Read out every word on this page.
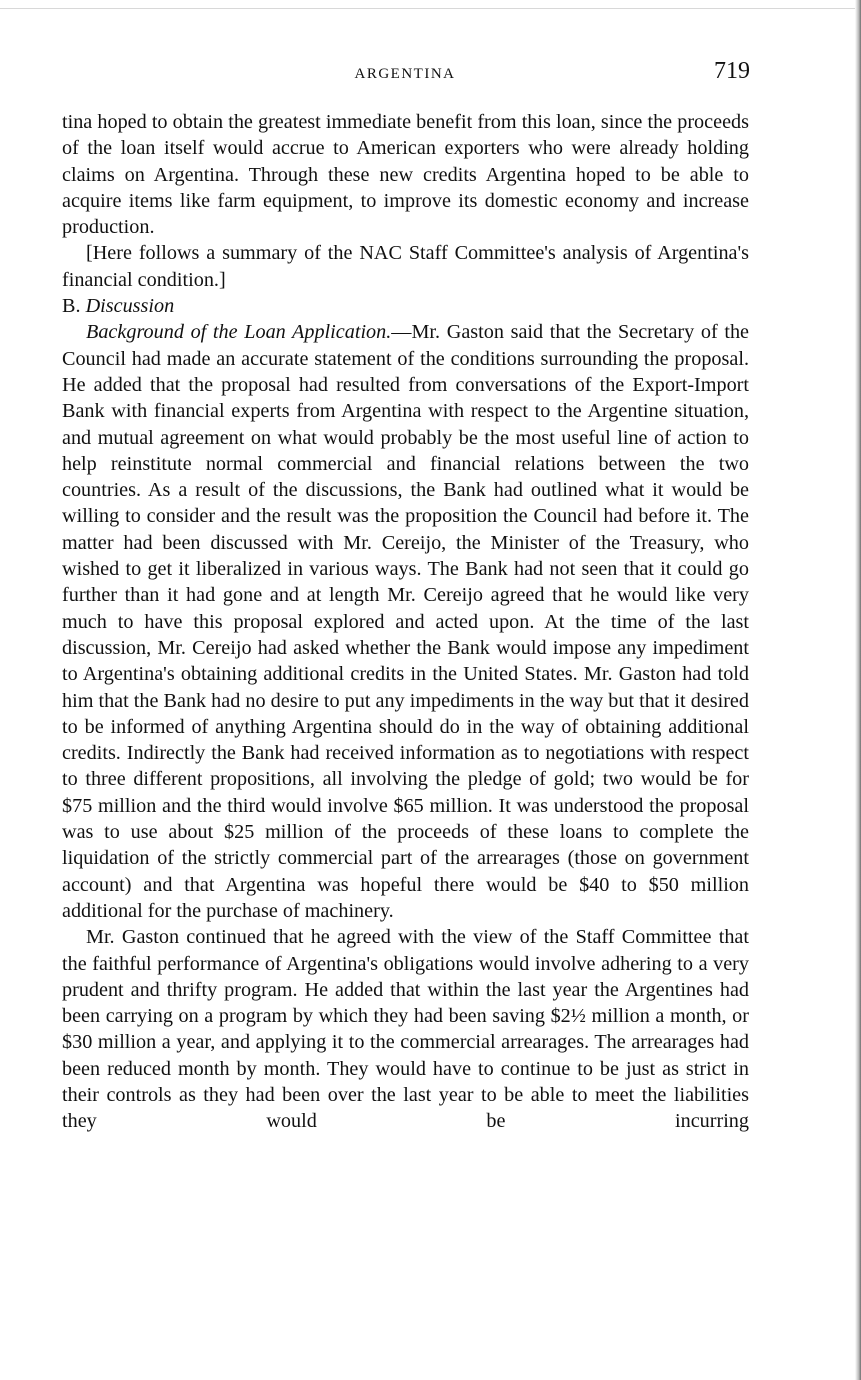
ARGENTINA	719

tina hoped to obtain the greatest immediate benefit from this loan, since the proceeds of the loan itself would accrue to American exporters who were already holding claims on Argentina. Through these new credits Argentina hoped to be able to acquire items like farm equipment, to improve its domestic economy and increase production.

[Here follows a summary of the NAC Staff Committee's analysis of Argentina's financial condition.]

B. Discussion

Background of the Loan Application.—Mr. Gaston said that the Secretary of the Council had made an accurate statement of the conditions surrounding the proposal. He added that the proposal had resulted from conversations of the Export-Import Bank with financial experts from Argentina with respect to the Argentine situation, and mutual agreement on what would probably be the most useful line of action to help reinstitute normal commercial and financial relations between the two countries. As a result of the discussions, the Bank had outlined what it would be willing to consider and the result was the proposition the Council had before it. The matter had been discussed with Mr. Cereijo, the Minister of the Treasury, who wished to get it liberalized in various ways. The Bank had not seen that it could go further than it had gone and at length Mr. Cereijo agreed that he would like very much to have this proposal explored and acted upon. At the time of the last discussion, Mr. Cereijo had asked whether the Bank would impose any impediment to Argentina's obtaining additional credits in the United States. Mr. Gaston had told him that the Bank had no desire to put any impediments in the way but that it desired to be informed of anything Argentina should do in the way of obtaining additional credits. Indirectly the Bank had received information as to negotiations with respect to three different propositions, all involving the pledge of gold; two would be for $75 million and the third would involve $65 million. It was understood the proposal was to use about $25 million of the proceeds of these loans to complete the liquidation of the strictly commercial part of the arrearages (those on government account) and that Argentina was hopeful there would be $40 to $50 million additional for the purchase of machinery.

Mr. Gaston continued that he agreed with the view of the Staff Committee that the faithful performance of Argentina's obligations would involve adhering to a very prudent and thrifty program. He added that within the last year the Argentines had been carrying on a program by which they had been saving $2½ million a month, or $30 million a year, and applying it to the commercial arrearages. The arrearages had been reduced month by month. They would have to continue to be just as strict in their controls as they had been over the last year to be able to meet the liabilities they would be incurring
